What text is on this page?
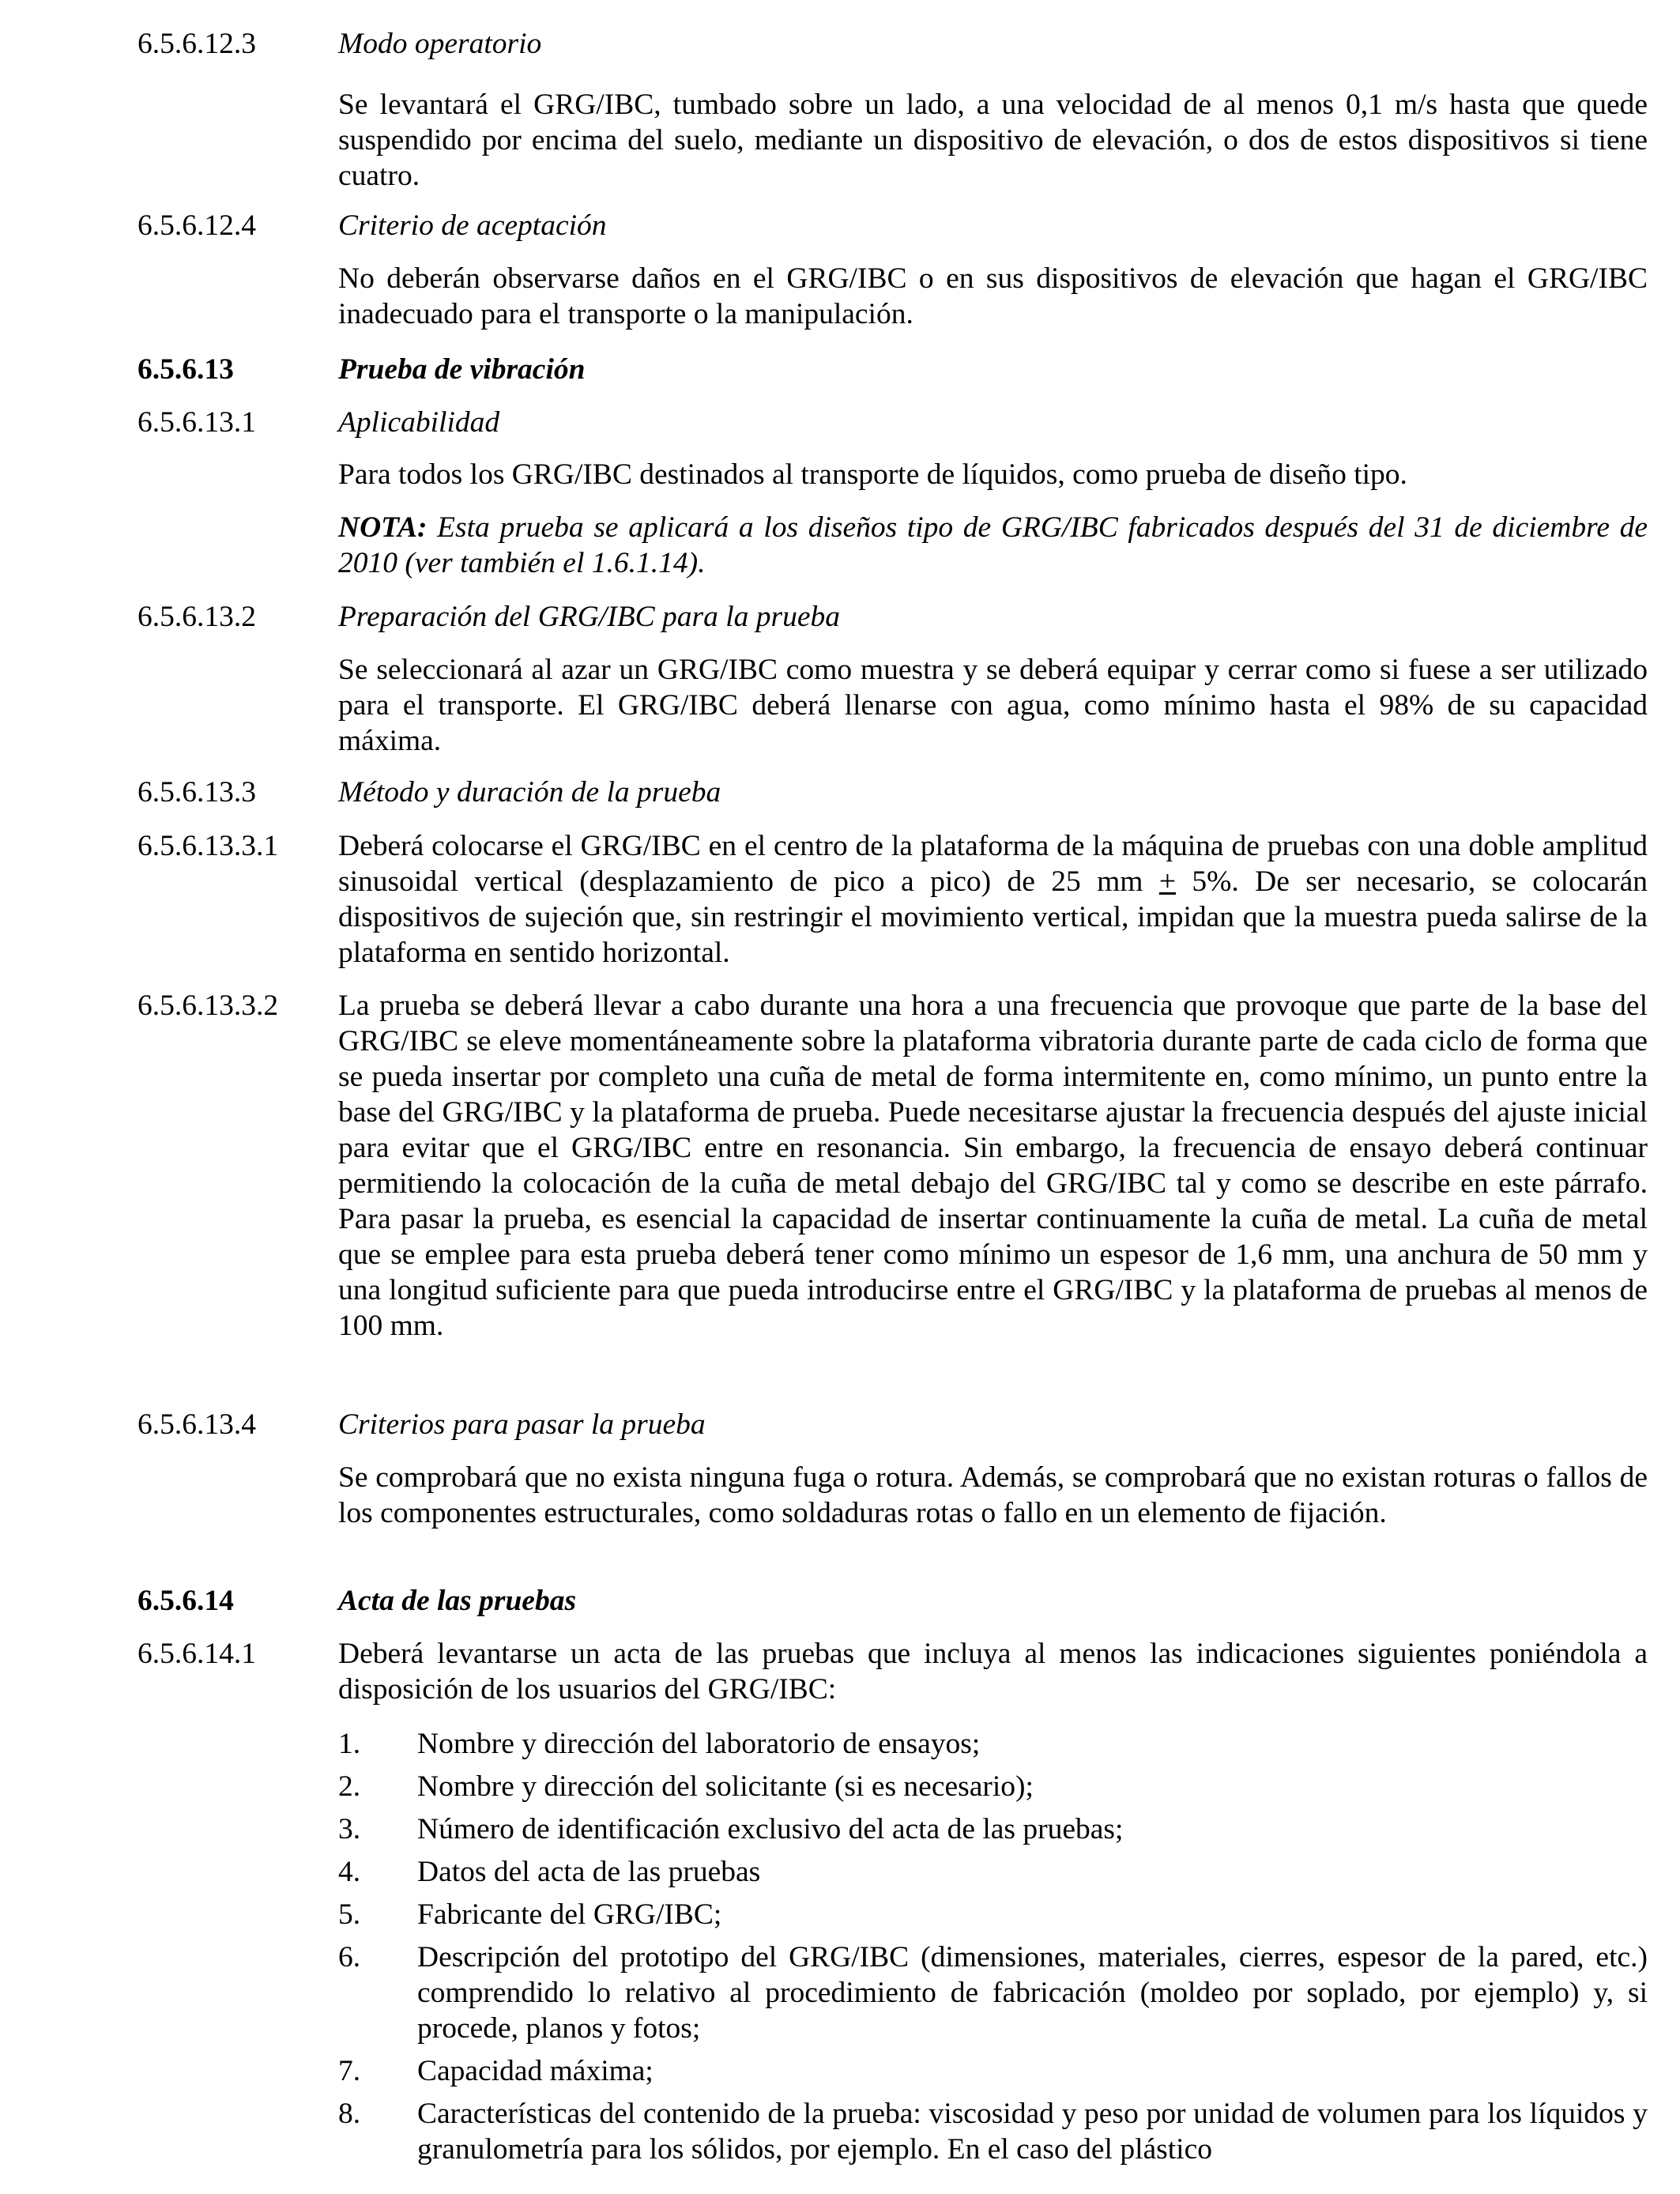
6.5.6.12.3	Modo operatorio
Se levantará el GRG/IBC, tumbado sobre un lado, a una velocidad de al menos 0,1 m/s hasta que quede suspendido por encima del suelo, mediante un dispositivo de elevación, o dos de estos dispositivos si tiene cuatro.
6.5.6.12.4	Criterio de aceptación
No deberán observarse daños en el GRG/IBC o en sus dispositivos de elevación que hagan el GRG/IBC inadecuado para el transporte o la manipulación.
6.5.6.13	Prueba de vibración
6.5.6.13.1	Aplicabilidad
Para todos los GRG/IBC destinados al transporte de líquidos, como prueba de diseño tipo.
NOTA: Esta prueba se aplicará a los diseños tipo de GRG/IBC fabricados después del 31 de diciembre de 2010 (ver también el 1.6.1.14).
6.5.6.13.2	Preparación del GRG/IBC para la prueba
Se seleccionará al azar un GRG/IBC como muestra y se deberá equipar y cerrar como si fuese a ser utilizado para el transporte. El GRG/IBC deberá llenarse con agua, como mínimo hasta el 98% de su capacidad máxima.
6.5.6.13.3	Método y duración de la prueba
6.5.6.13.3.1 Deberá colocarse el GRG/IBC en el centro de la plataforma de la máquina de pruebas con una doble amplitud sinusoidal vertical (desplazamiento de pico a pico) de 25 mm + 5%. De ser necesario, se colocarán dispositivos de sujeción que, sin restringir el movimiento vertical, impidan que la muestra pueda salirse de la plataforma en sentido horizontal.
6.5.6.13.3.2 La prueba se deberá llevar a cabo durante una hora a una frecuencia que provoque que parte de la base del GRG/IBC se eleve momentáneamente sobre la plataforma vibratoria durante parte de cada ciclo de forma que se pueda insertar por completo una cuña de metal de forma intermitente en, como mínimo, un punto entre la base del GRG/IBC y la plataforma de prueba. Puede necesitarse ajustar la frecuencia después del ajuste inicial para evitar que el GRG/IBC entre en resonancia. Sin embargo, la frecuencia de ensayo deberá continuar permitiendo la colocación de la cuña de metal debajo del GRG/IBC tal y como se describe en este párrafo. Para pasar la prueba, es esencial la capacidad de insertar continuamente la cuña de metal. La cuña de metal que se emplee para esta prueba deberá tener como mínimo un espesor de 1,6 mm, una anchura de 50 mm y una longitud suficiente para que pueda introducirse entre el GRG/IBC y la plataforma de pruebas al menos de 100 mm.
6.5.6.13.4	Criterios para pasar la prueba
Se comprobará que no exista ninguna fuga o rotura. Además, se comprobará que no existan roturas o fallos de los componentes estructurales, como soldaduras rotas o fallo en un elemento de fijación.
6.5.6.14	Acta de las pruebas
6.5.6.14.1	Deberá levantarse un acta de las pruebas que incluya al menos las indicaciones siguientes poniéndola a disposición de los usuarios del GRG/IBC:
1. Nombre y dirección del laboratorio de ensayos;
2. Nombre y dirección del solicitante (si es necesario);
3. Número de identificación exclusivo del acta de las pruebas;
4. Datos del acta de las pruebas
5. Fabricante del GRG/IBC;
6. Descripción del prototipo del GRG/IBC (dimensiones, materiales, cierres, espesor de la pared, etc.) comprendido lo relativo al procedimiento de fabricación (moldeo por soplado, por ejemplo) y, si procede, planos y fotos;
7. Capacidad máxima;
8. Características del contenido de la prueba: viscosidad y peso por unidad de volumen para los líquidos y granulometría para los sólidos, por ejemplo. En el caso del plástico
